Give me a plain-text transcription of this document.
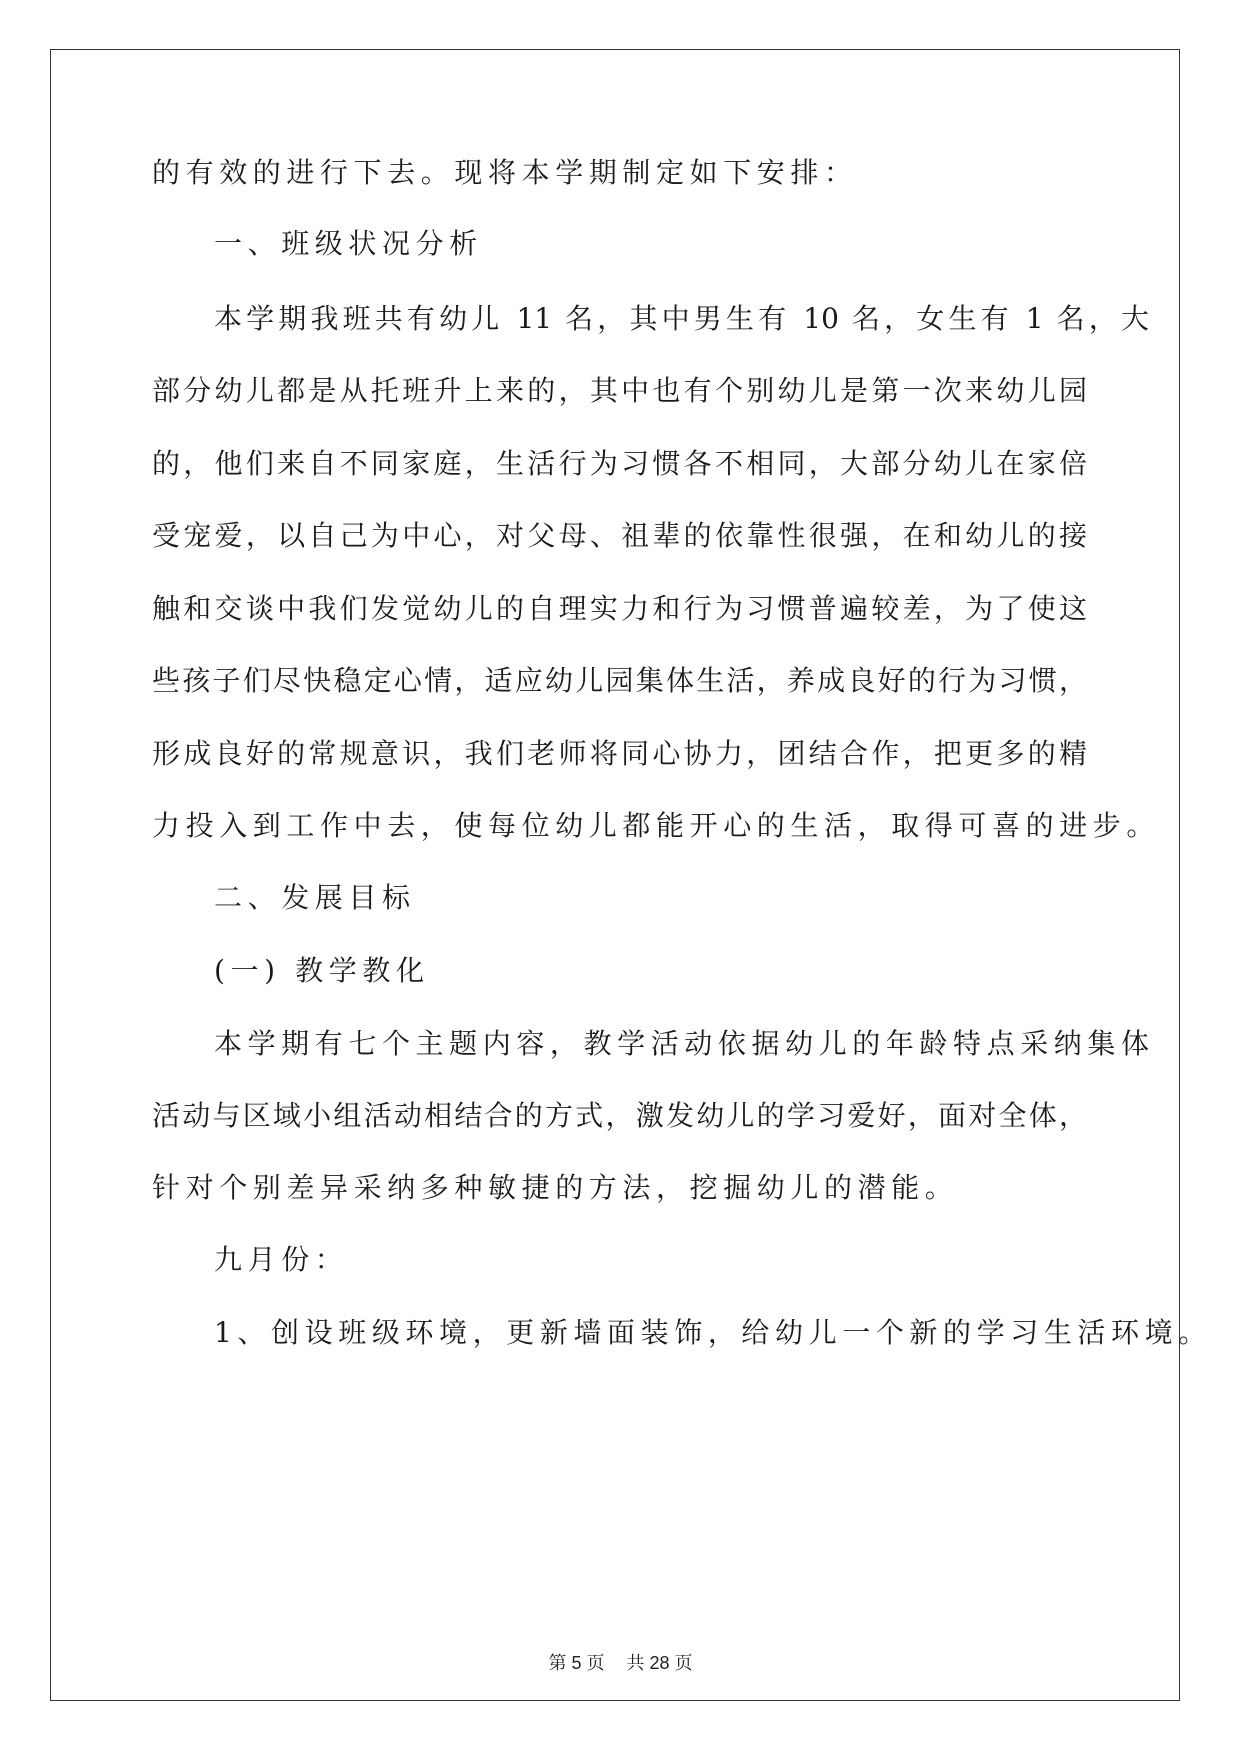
的有效的进行下去。现将本学期制定如下安排：
一、班级状况分析
本学期我班共有幼儿 11 名，其中男生有 10 名，女生有 1 名，大
部分幼儿都是从托班升上来的，其中也有个别幼儿是第一次来幼儿园
的，他们来自不同家庭，生活行为习惯各不相同，大部分幼儿在家倍
受宠爱，以自己为中心，对父母、祖辈的依靠性很强，在和幼儿的接
触和交谈中我们发觉幼儿的自理实力和行为习惯普遍较差，为了使这
些孩子们尽快稳定心情，适应幼儿园集体生活，养成良好的行为习惯，
形成良好的常规意识，我们老师将同心协力，团结合作，把更多的精
力投入到工作中去，使每位幼儿都能开心的生活，取得可喜的进步。
二、发展目标
(一) 教学教化
本学期有七个主题内容，教学活动依据幼儿的年龄特点采纳集体
活动与区域小组活动相结合的方式，激发幼儿的学习爱好，面对全体，
针对个别差异采纳多种敏捷的方法，挖掘幼儿的潜能。
九月份：
1、创设班级环境，更新墙面装饰，给幼儿一个新的学习生活环境。
第 5 页 共 28 页
